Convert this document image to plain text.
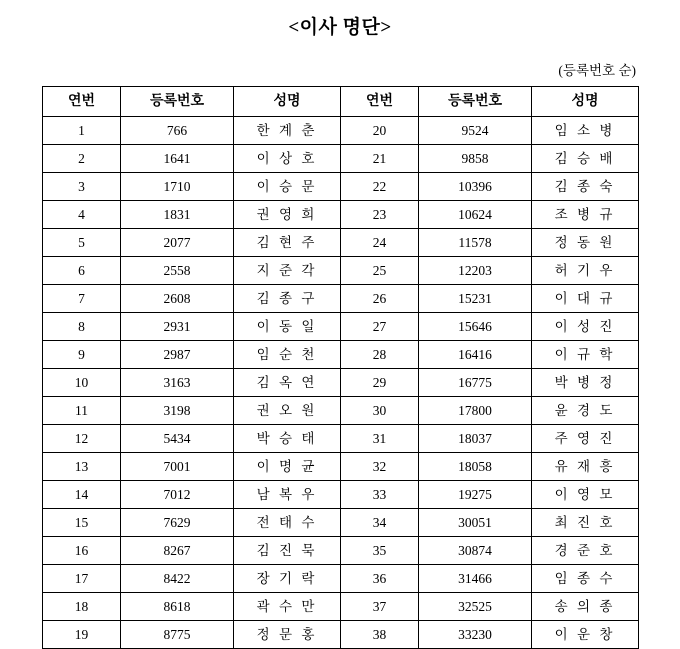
<이사 명단>
(등록번호 순)
연번	등록번호	성명	연번	등록번호	성명
1	766	한 계 춘	20	9524	임 소 병
2	1641	이 상 호	21	9858	김 승 배
3	1710	이 승 문	22	10396	김 종 숙
4	1831	권 영 희	23	10624	조 병 규
5	2077	김 현 주	24	11578	정 동 원
6	2558	지 준 각	25	12203	허 기 우
7	2608	김 종 구	26	15231	이 대 규
8	2931	이 동 일	27	15646	이 성 진
9	2987	임 순 천	28	16416	이 규 학
10	3163	김 옥 연	29	16775	박 병 정
11	3198	권 오 원	30	17800	윤 경 도
12	5434	박 승 태	31	18037	주 영 진
13	7001	이 명 균	32	18058	유 재 흥
14	7012	남 복 우	33	19275	이 영 모
15	7629	전 태 수	34	30051	최 진 호
16	8267	김 진 묵	35	30874	경 준 호
17	8422	장 기 락	36	31466	임 종 수
18	8618	곽 수 만	37	32525	송 의 종
19	8775	정 문 홍	38	33230	이 운 창
